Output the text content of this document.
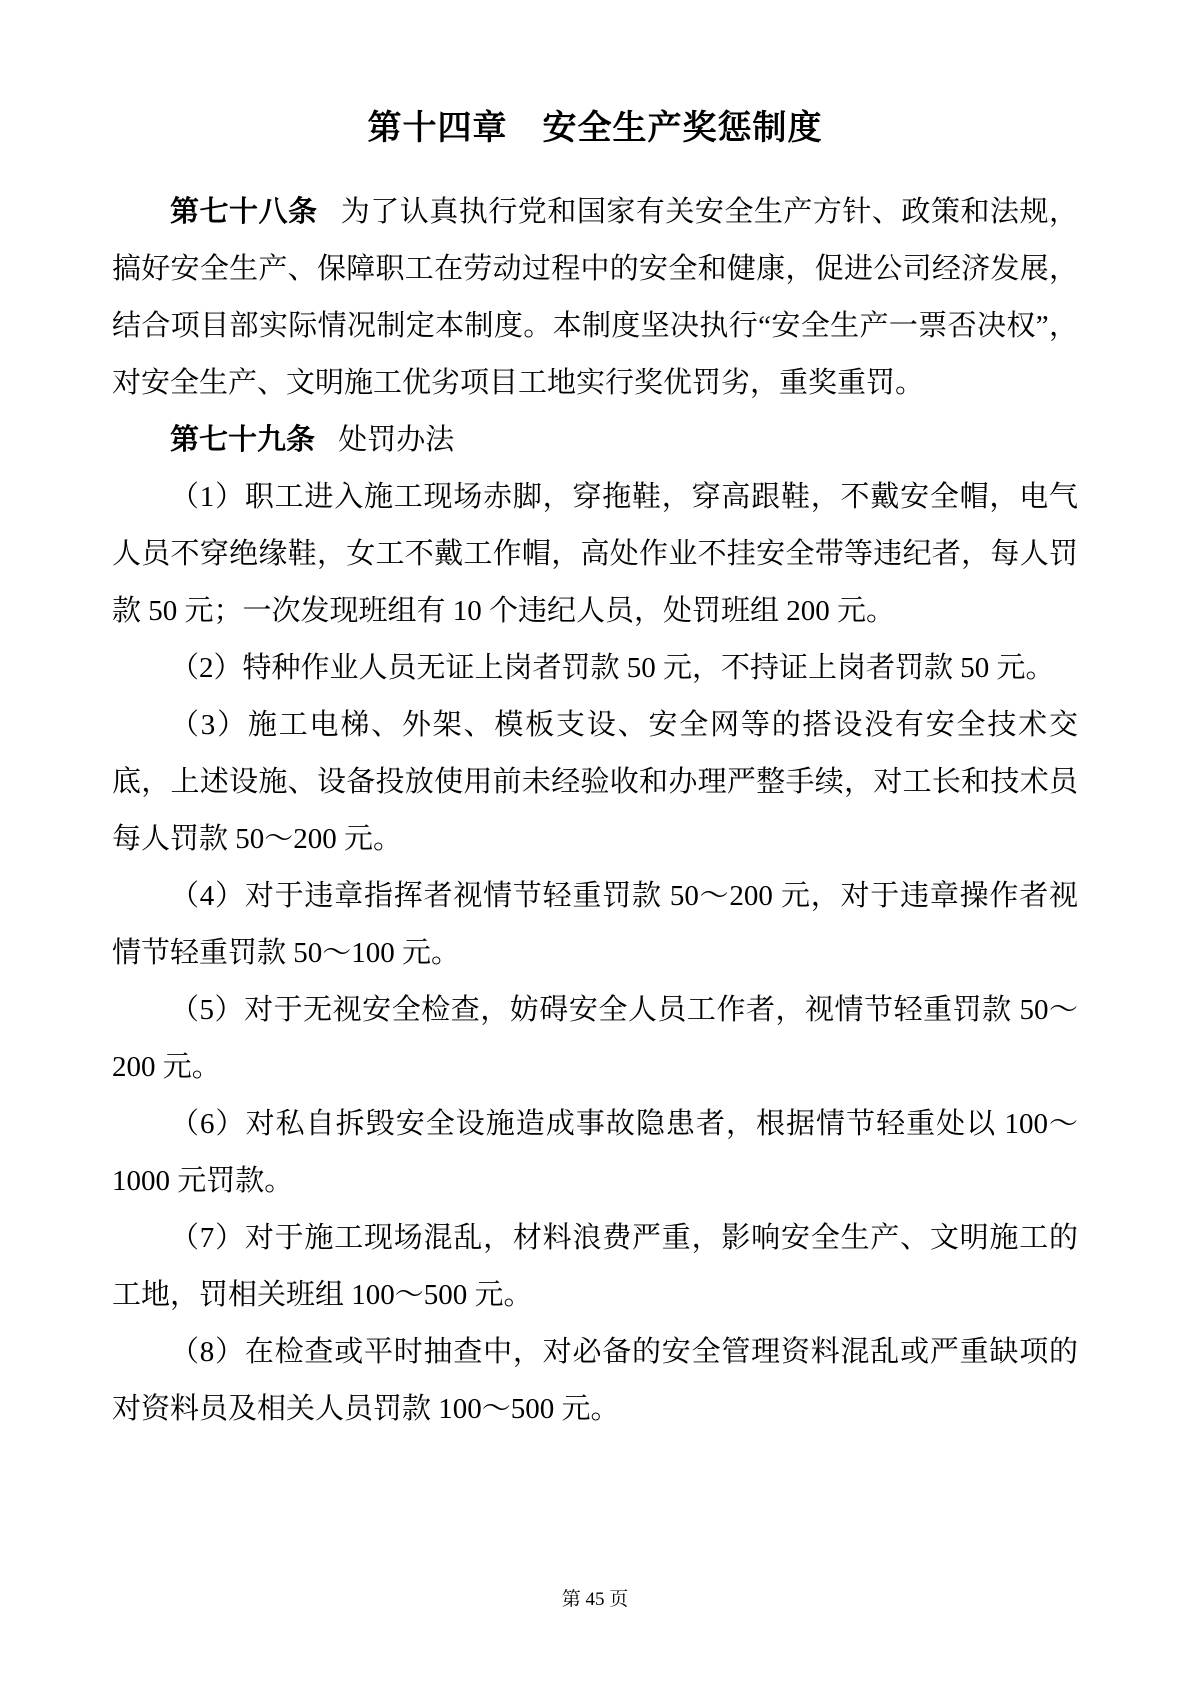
第十四章　安全生产奖惩制度

第七十八条 为了认真执行党和国家有关安全生产方针、政策和法规，搞好安全生产、保障职工在劳动过程中的安全和健康，促进公司经济发展，结合项目部实际情况制定本制度。本制度坚决执行“安全生产一票否决权”，对安全生产、文明施工优劣项目工地实行奖优罚劣，重奖重罚。

第七十九条 处罚办法

（1）职工进入施工现场赤脚，穿拖鞋，穿高跟鞋，不戴安全帽，电气人员不穿绝缘鞋，女工不戴工作帽，高处作业不挂安全带等违纪者，每人罚款 50 元；一次发现班组有 10 个违纪人员，处罚班组 200 元。

（2）特种作业人员无证上岗者罚款 50 元，不持证上岗者罚款 50 元。

（3）施工电梯、外架、模板支设、安全网等的搭设没有安全技术交底，上述设施、设备投放使用前未经验收和办理严整手续，对工长和技术员每人罚款 50～200 元。

（4）对于违章指挥者视情节轻重罚款 50～200 元，对于违章操作者视情节轻重罚款 50～100 元。

（5）对于无视安全检查，妨碍安全人员工作者，视情节轻重罚款 50～200 元。

（6）对私自拆毁安全设施造成事故隐患者，根据情节轻重处以 100～1000 元罚款。

（7）对于施工现场混乱，材料浪费严重，影响安全生产、文明施工的工地，罚相关班组 100～500 元。

（8）在检查或平时抽查中，对必备的安全管理资料混乱或严重缺项的对资料员及相关人员罚款 100～500 元。

第 45 页
